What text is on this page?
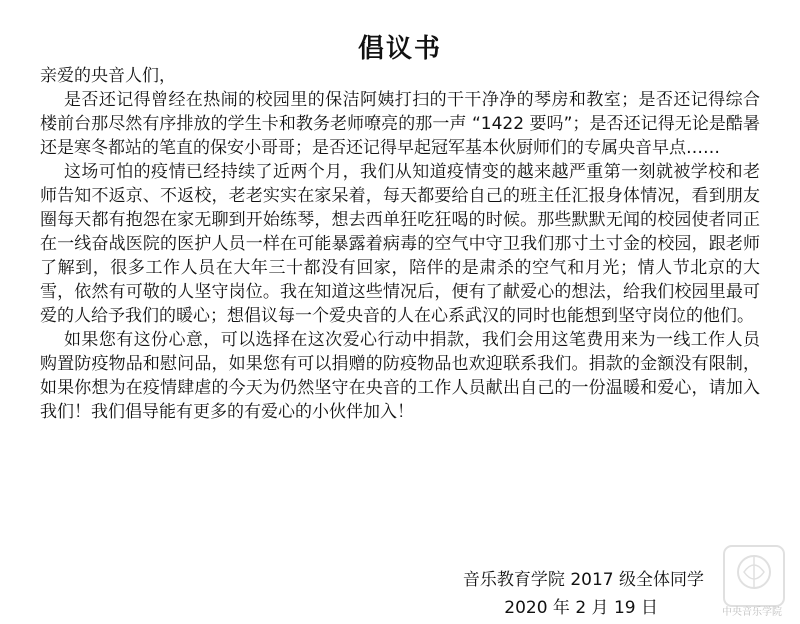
倡议书

亲爱的央音人们，

是否还记得曾经在热闹的校园里的保洁阿姨打扫的干干净净的琴房和教室；是否还记得综合楼前台那尽然有序排放的学生卡和教务老师嘹亮的那一声 “1422 要吗”；是否还记得无论是酷暑还是寒冬都站的笔直的保安小哥哥；是否还记得早起冠军基本伙厨师们的专属央音早点……

这场可怕的疫情已经持续了近两个月，我们从知道疫情变的越来越严重第一刻就被学校和老师告知不返京、不返校，老老实实在家呆着，每天都要给自己的班主任汇报身体情况，看到朋友圈每天都有抱怨在家无聊到开始练琴，想去西单狂吃狂喝的时候。那些默默无闻的校园使者同正在一线奋战医院的医护人员一样在可能暴露着病毒的空气中守卫我们那寸土寸金的校园，跟老师了解到，很多工作人员在大年三十都没有回家，陪伴的是肃杀的空气和月光；情人节北京的大雪，依然有可敬的人坚守岗位。我在知道这些情况后，便有了献爱心的想法，给我们校园里最可爱的人给予我们的暖心；想倡议每一个爱央音的人在心系武汉的同时也能想到坚守岗位的他们。

如果您有这份心意，可以选择在这次爱心行动中捐款，我们会用这笔费用来为一线工作人员购置防疫物品和慰问品，如果您有可以捐赠的防疫物品也欢迎联系我们。捐款的金额没有限制，如果你想为在疫情肆虐的今天为仍然坚守在央音的工作人员献出自己的一份温暖和爱心，请加入我们！我们倡导能有更多的有爱心的小伙伴加入！

音乐教育学院 2017 级全体同学
2020 年 2 月 19 日	中央音乐学院
